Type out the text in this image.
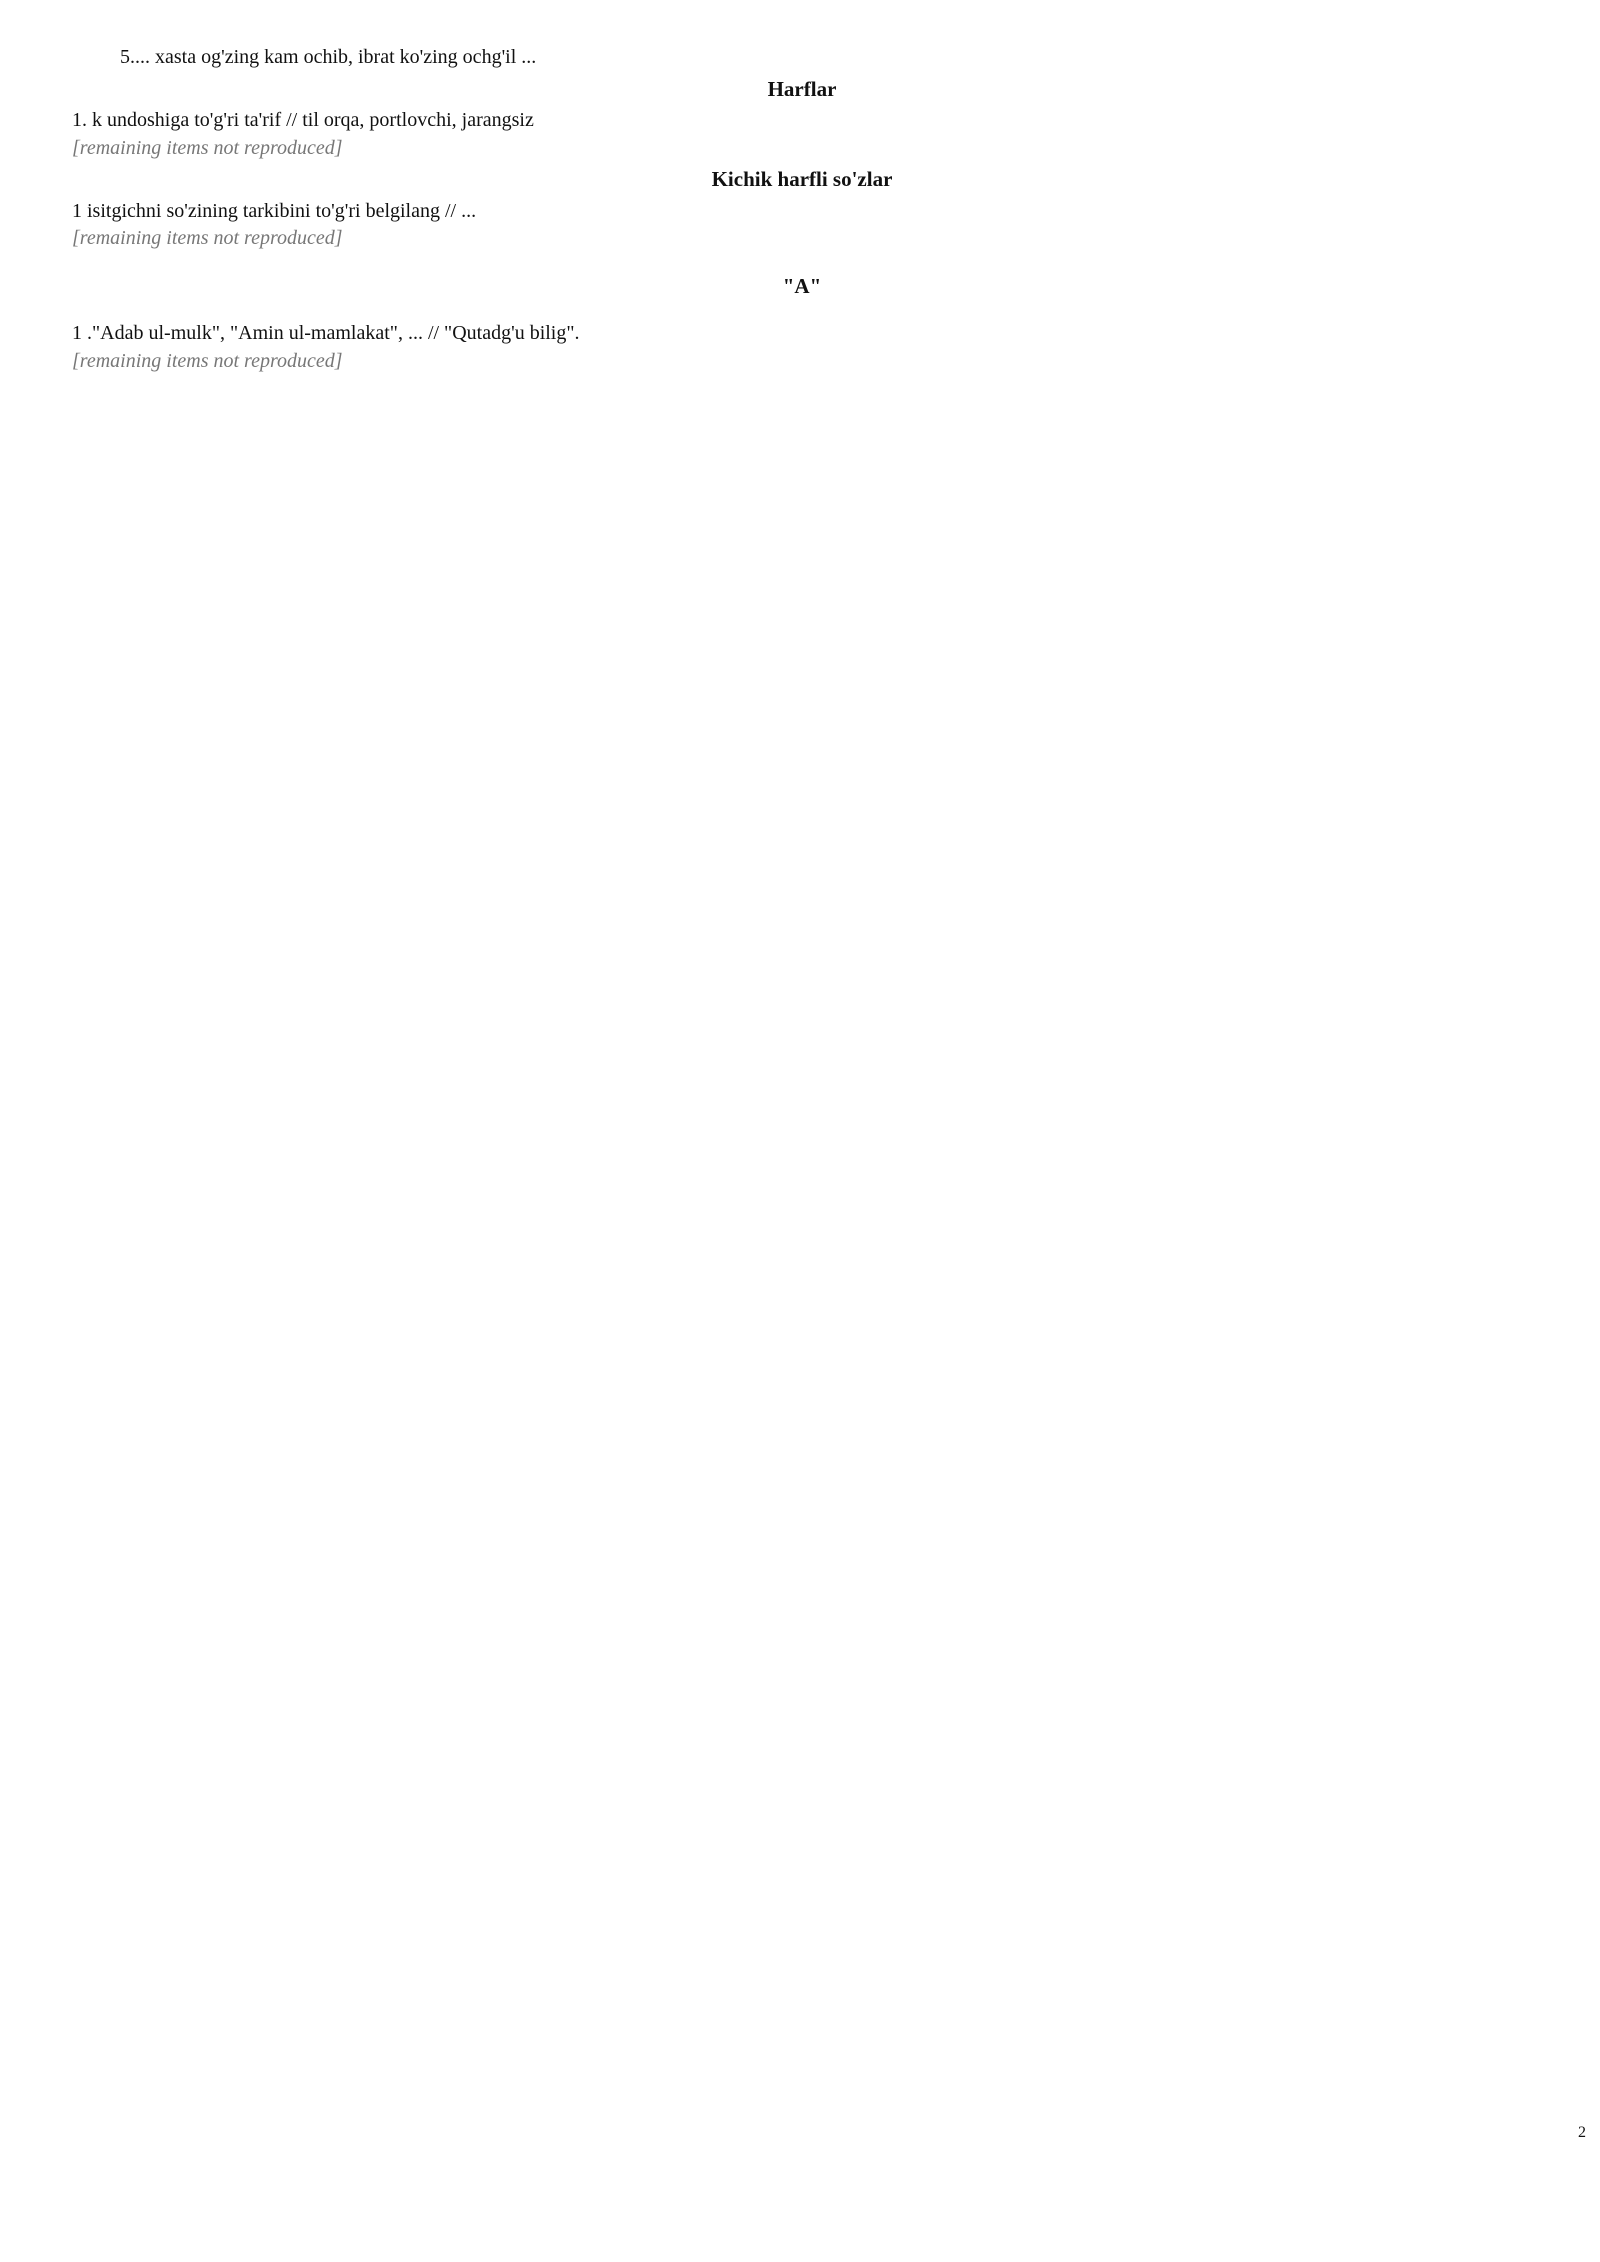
5.... xasta og'zing kam ochib, ibrat ko'zing ochg'il ...
Harflar
1. k undoshiga to'g'ri ta'rif // til orqa, portlovchi, jarangsiz
[remaining items not reproduced]
Kichik harfli so'zlar
1 isitgichni so'zining tarkibini to'g'ri belgilang // ...
[remaining items not reproduced]
"A"
1 ."Adab ul-mulk", "Amin ul-mamlakat", ... // "Qutadg'u bilig".
[remaining items not reproduced]
2
